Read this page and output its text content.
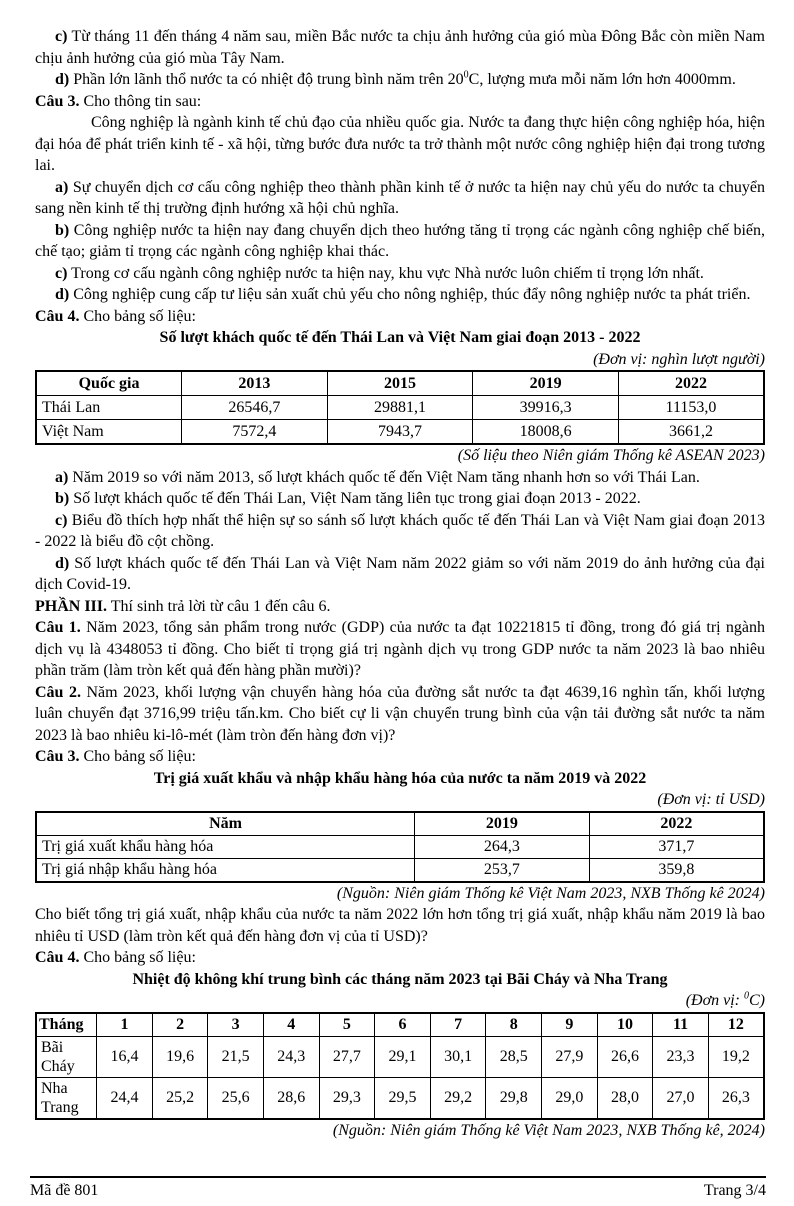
c) Từ tháng 11 đến tháng 4 năm sau, miền Bắc nước ta chịu ảnh hưởng của gió mùa Đông Bắc còn miền Nam chịu ảnh hưởng của gió mùa Tây Nam.

d) Phần lớn lãnh thổ nước ta có nhiệt độ trung bình năm trên $20^0C$, lượng mưa mỗi năm lớn hơn 4000mm.

Câu 3. Cho thông tin sau:

Công nghiệp là ngành kinh tế chủ đạo của nhiều quốc gia. Nước ta đang thực hiện công nghiệp hóa, hiện đại hóa để phát triển kinh tế - xã hội, từng bước đưa nước ta trở thành một nước công nghiệp hiện đại trong tương lai.

a) Sự chuyển dịch cơ cấu công nghiệp theo thành phần kinh tế ở nước ta hiện nay chủ yếu do nước ta chuyển sang nền kinh tế thị trường định hướng xã hội chủ nghĩa.

b) Công nghiệp nước ta hiện nay đang chuyển dịch theo hướng tăng tỉ trọng các ngành công nghiệp chế biến, chế tạo; giảm tỉ trọng các ngành công nghiệp khai thác.

c) Trong cơ cấu ngành công nghiệp nước ta hiện nay, khu vực Nhà nước luôn chiếm tỉ trọng lớn nhất.

d) Công nghiệp cung cấp tư liệu sản xuất chủ yếu cho nông nghiệp, thúc đẩy nông nghiệp nước ta phát triển.

Câu 4. Cho bảng số liệu:

Số lượt khách quốc tế đến Thái Lan và Việt Nam giai đoạn 2013 - 2022

(Đơn vị: nghìn lượt người)

Quốc gia	2013	2015	2019	2022
Thái Lan	26546,7	29881,1	39916,3	11153,0
Việt Nam	7572,4	7943,7	18008,6	3661,2

(Số liệu theo Niên giám Thống kê ASEAN 2023)

a) Năm 2019 so với năm 2013, số lượt khách quốc tế đến Việt Nam tăng nhanh hơn so với Thái Lan.

b) Số lượt khách quốc tế đến Thái Lan, Việt Nam tăng liên tục trong giai đoạn 2013 - 2022.

c) Biểu đồ thích hợp nhất thể hiện sự so sánh số lượt khách quốc tế đến Thái Lan và Việt Nam giai đoạn 2013 - 2022 là biểu đồ cột chồng.

d) Số lượt khách quốc tế đến Thái Lan và Việt Nam năm 2022 giảm so với năm 2019 do ảnh hưởng của đại dịch Covid-19.

PHẦN III. Thí sinh trả lời từ câu 1 đến câu 6.

Câu 1. Năm 2023, tổng sản phẩm trong nước (GDP) của nước ta đạt 10221815 tỉ đồng, trong đó giá trị ngành dịch vụ là 4348053 tỉ đồng. Cho biết tỉ trọng giá trị ngành dịch vụ trong GDP nước ta năm 2023 là bao nhiêu phần trăm (làm tròn kết quả đến hàng phần mười)?

Câu 2. Năm 2023, khối lượng vận chuyển hàng hóa của đường sắt nước ta đạt 4639,16 nghìn tấn, khối lượng luân chuyển đạt 3716,99 triệu tấn.km. Cho biết cự li vận chuyển trung bình của vận tải đường sắt nước ta năm 2023 là bao nhiêu ki-lô-mét (làm tròn đến hàng đơn vị)?

Câu 3. Cho bảng số liệu:

Trị giá xuất khẩu và nhập khẩu hàng hóa của nước ta năm 2019 và 2022

(Đơn vị: tỉ USD)

Năm	2019	2022
Trị giá xuất khẩu hàng hóa	264,3	371,7
Trị giá nhập khẩu hàng hóa	253,7	359,8

(Nguồn: Niên giám Thống kê Việt Nam 2023, NXB Thống kê 2024)

Cho biết tổng trị giá xuất, nhập khẩu của nước ta năm 2022 lớn hơn tổng trị giá xuất, nhập khẩu năm 2019 là bao nhiêu tỉ USD (làm tròn kết quả đến hàng đơn vị của tỉ USD)?

Câu 4. Cho bảng số liệu:

Nhiệt độ không khí trung bình các tháng năm 2023 tại Bãi Cháy và Nha Trang

(Đơn vị: $^0$C)

Tháng	1	2	3	4	5	6	7	8	9	10	11	12
Bãi Cháy	16,4	19,6	21,5	24,3	27,7	29,1	30,1	28,5	27,9	26,6	23,3	19,2
Nha Trang	24,4	25,2	25,6	28,6	29,3	29,5	29,2	29,8	29,0	28,0	27,0	26,3

(Nguồn: Niên giám Thống kê Việt Nam 2023, NXB Thống kê, 2024)

Mã đề 801	Trang 3/4
